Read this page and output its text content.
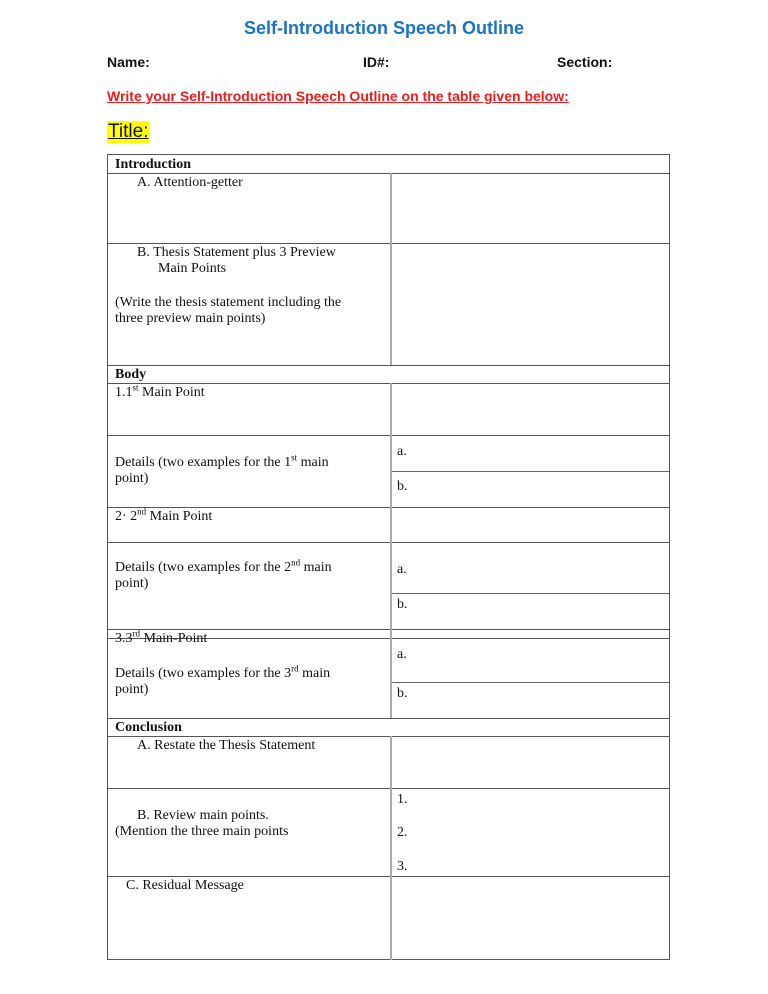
Self-Introduction Speech Outline
Name:	ID#:	Section:
Write your Self-Introduction Speech Outline on the table given below:
Title:
Introduction
A. Attention-getter
B. Thesis Statement plus 3 Preview
Main Points
(Write the thesis statement including the
three preview main points)
Body
1.1st Main Point
Details (two examples for the 1st main
point)
a.
b.
2· 2nd Main Point
Details (two examples for the 2nd main
point)
a.
b.
3.3rd Main-Point
Details (two examples for the 3rd main
point)
a.
b.
Conclusion
A. Restate the Thesis Statement
B. Review main points.
(Mention the three main points
1.
2.
3.
C. Residual Message
